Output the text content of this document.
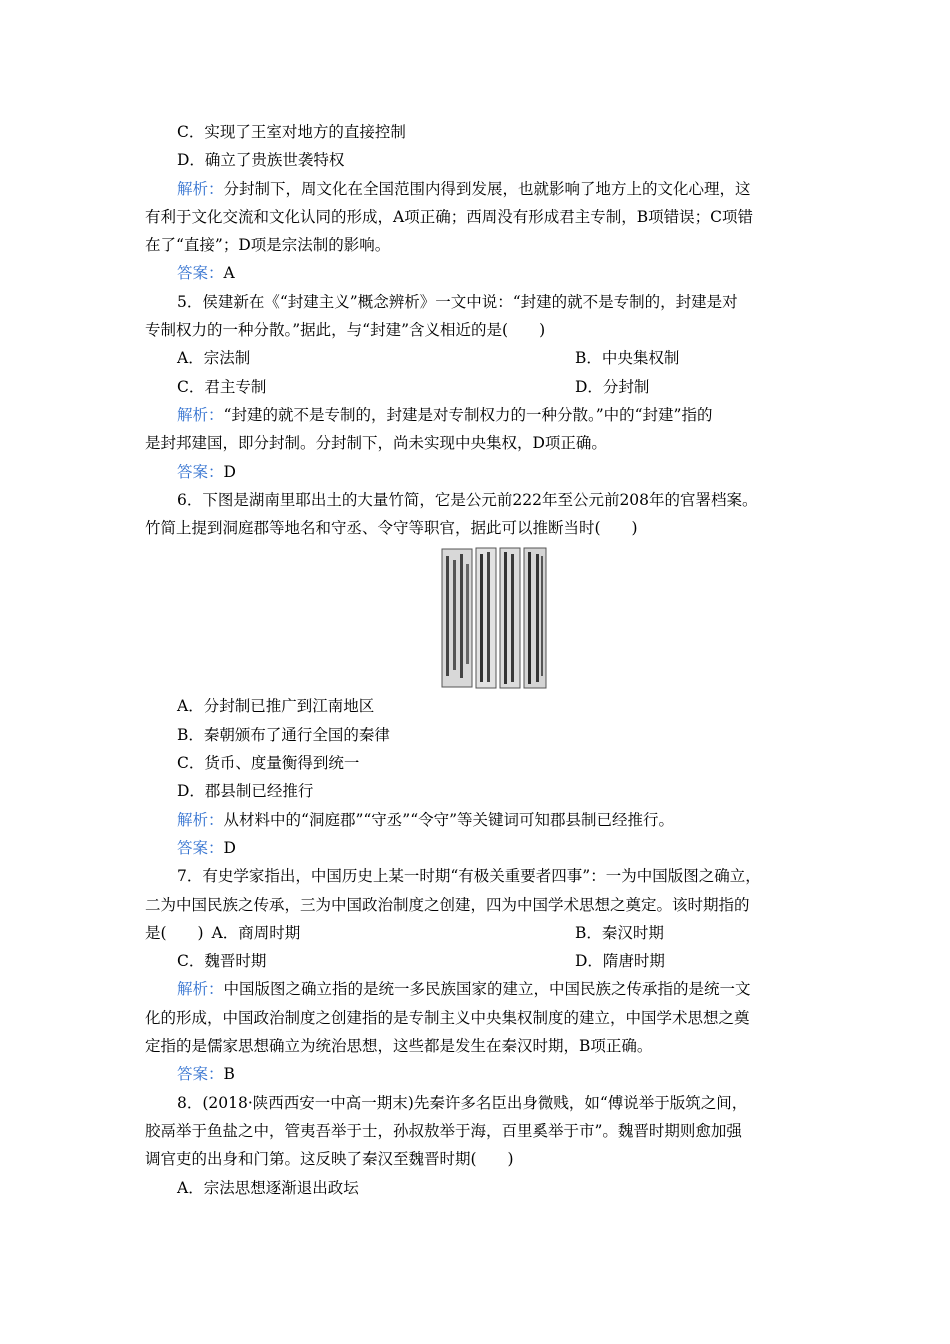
C．实现了王室对地方的直接控制
D．确立了贵族世袭特权
解析：分封制下，周文化在全国范围内得到发展，也就影响了地方上的文化心理，这
有利于文化交流和文化认同的形成，A项正确；西周没有形成君主专制，B项错误；C项错
在了“直接”；D项是宗法制的影响。
答案：A
5．侯建新在《“封建主义”概念辨析》一文中说：“封建的就不是专制的，封建是对
专制权力的一种分散。”据此，与“封建”含义相近的是(　　)
A．宗法制	B．中央集权制
C．君主专制	D．分封制
解析：“封建的就不是专制的，封建是对专制权力的一种分散。”中的“封建”指的
是封邦建国，即分封制。分封制下，尚未实现中央集权，D项正确。
答案：D
6．下图是湖南里耶出土的大量竹简，它是公元前222年至公元前208年的官署档案。
竹简上提到洞庭郡等地名和守丞、令守等职官，据此可以推断当时(　　)
A．分封制已推广到江南地区
B．秦朝颁布了通行全国的秦律
C．货币、度量衡得到统一
D．郡县制已经推行
解析：从材料中的“洞庭郡”“守丞”“令守”等关键词可知郡县制已经推行。
答案：D
7．有史学家指出，中国历史上某一时期“有极关重要者四事”：一为中国版图之确立，
二为中国民族之传承，三为中国政治制度之创建，四为中国学术思想之奠定。该时期指的
是(　　) A．商周时期	B．秦汉时期
C．魏晋时期	D．隋唐时期
解析：中国版图之确立指的是统一多民族国家的建立，中国民族之传承指的是统一文
化的形成，中国政治制度之创建指的是专制主义中央集权制度的建立，中国学术思想之奠
定指的是儒家思想确立为统治思想，这些都是发生在秦汉时期，B项正确。
答案：B
8．(2018·陕西西安一中高一期末)先秦许多名臣出身微贱，如“傅说举于版筑之间，
胶鬲举于鱼盐之中，管夷吾举于士，孙叔敖举于海，百里奚举于市”。魏晋时期则愈加强
调官吏的出身和门第。这反映了秦汉至魏晋时期(　　)
A．宗法思想逐渐退出政坛
